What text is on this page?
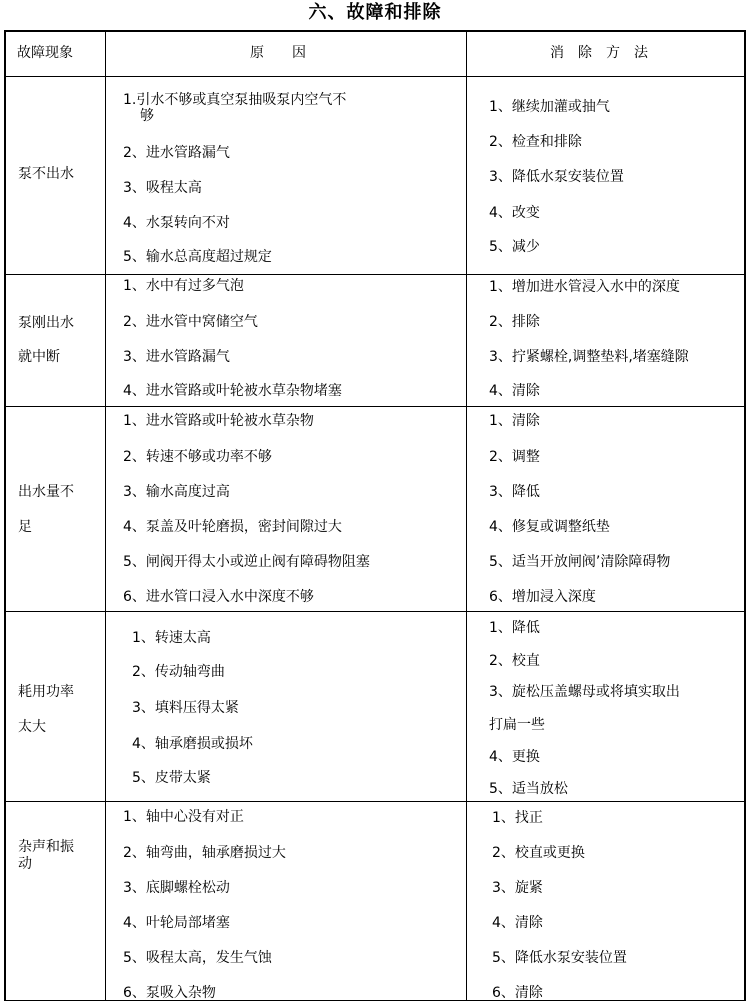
六、故障和排除
故障现象	原　　因	消　除　方　法
泵不出水
1.引水不够或真空泵抽吸泵内空气不
够
2、进水管路漏气
3、吸程太高
4、水泵转向不对
5、输水总高度超过规定
1、继续加灌或抽气
2、检查和排除
3、降低水泵安装位置
4、改变
5、减少
泵刚出水
就中断
1、水中有过多气泡
2、进水管中窝储空气
3、进水管路漏气
4、进水管路或叶轮被水草杂物堵塞
1、增加进水管浸入水中的深度
2、排除
3、拧紧螺栓,调整垫料,堵塞缝隙
4、清除
出水量不
足
1、进水管路或叶轮被水草杂物
2、转速不够或功率不够
3、输水高度过高
4、泵盖及叶轮磨损，密封间隙过大
5、闸阀开得太小或逆止阀有障碍物阻塞
6、进水管口浸入水中深度不够
1、清除
2、调整
3、降低
4、修复或调整纸垫
5、适当开放闸阀’清除障碍物
6、增加浸入深度
耗用功率
太大
1、转速太高
2、传动轴弯曲
3、填料压得太紧
4、轴承磨损或损坏
5、皮带太紧
1、降低
2、校直
3、旋松压盖螺母或将填实取出
打扁一些
4、更换
5、适当放松
杂声和振
动
1、轴中心没有对正
2、轴弯曲，轴承磨损过大
3、底脚螺栓松动
4、叶轮局部堵塞
5、吸程太高，发生气蚀
6、泵吸入杂物
1、找正
2、校直或更换
3、旋紧
4、清除
5、降低水泵安装位置
6、清除
